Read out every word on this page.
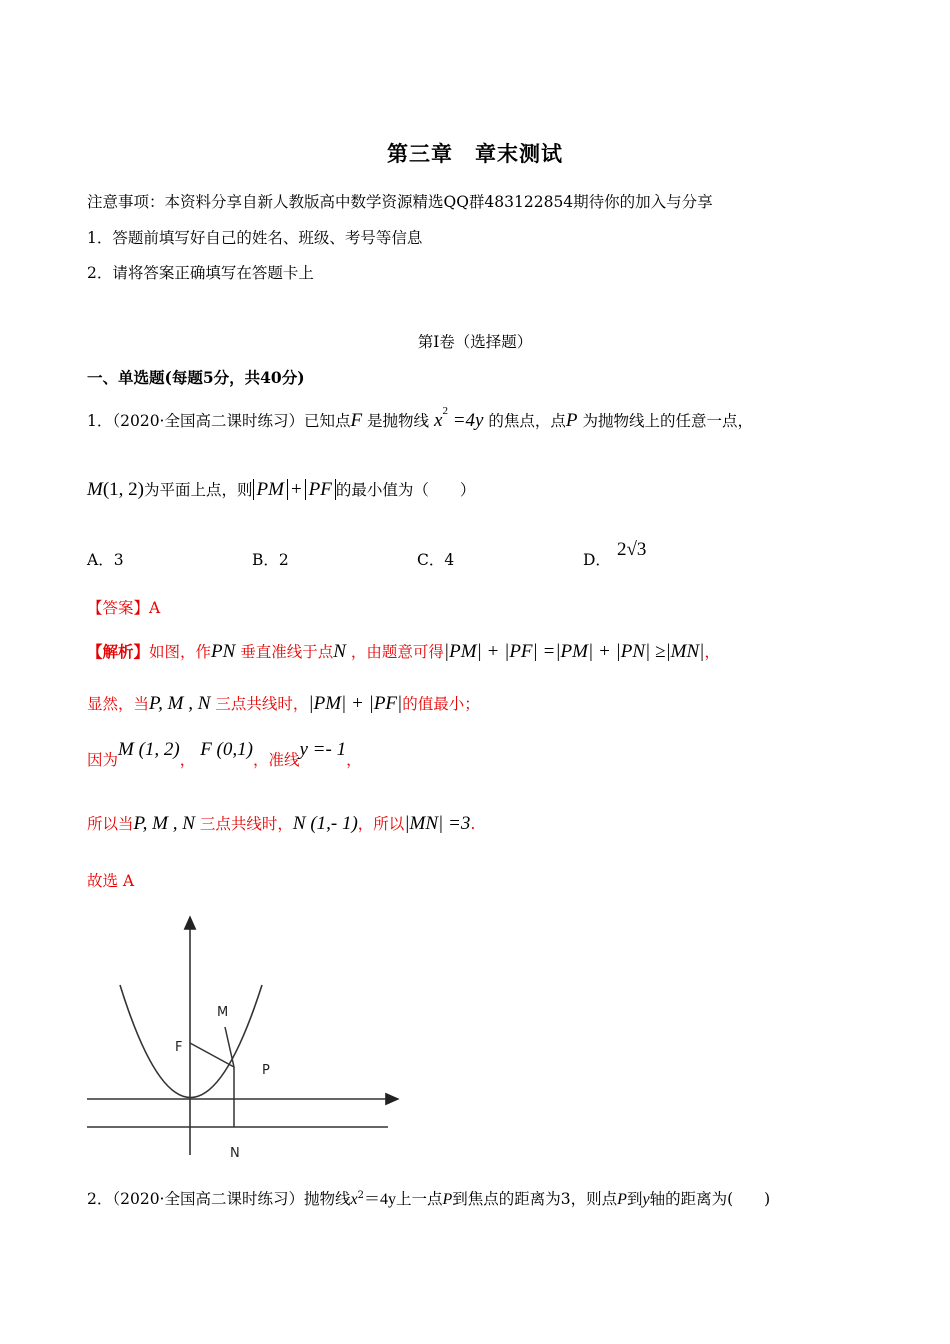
第三章　章末测试
注意事项：本资料分享自新人教版高中数学资源精选QQ群483122854期待你的加入与分享
1．答题前填写好自己的姓名、班级、考号等信息
2．请将答案正确填写在答题卡上
第I卷（选择题）
一、单选题(每题5分，共40分)
1．（2020·全国高二课时练习）已知点F 是抛物线 $x^2 =4y$ 的焦点，点P 为抛物线上的任意一点，
M(1, 2)为平面上点，则 PM + PF 的最小值为（　　）
A．3	B．2	C．4	D． 2√3
【答案】A
【解析】如图，作PN 垂直准线于点N ，由题意可得|PM| + |PF| =|PM| + |PN| ≥|MN|，
显然，当P, M , N 三点共线时，|PM| + |PF|的值最小；
因为M (1, 2)， F (0,1)，准线y =- 1，
所以当P, M , N 三点共线时，N (1,- 1)，所以|MN| =3.
故选 A
F
M
P
N
2．（2020·全国高二课时练习）抛物线$x^2=4y$上一点P到焦点的距离为3，则点P到y轴的距离为(　　)
